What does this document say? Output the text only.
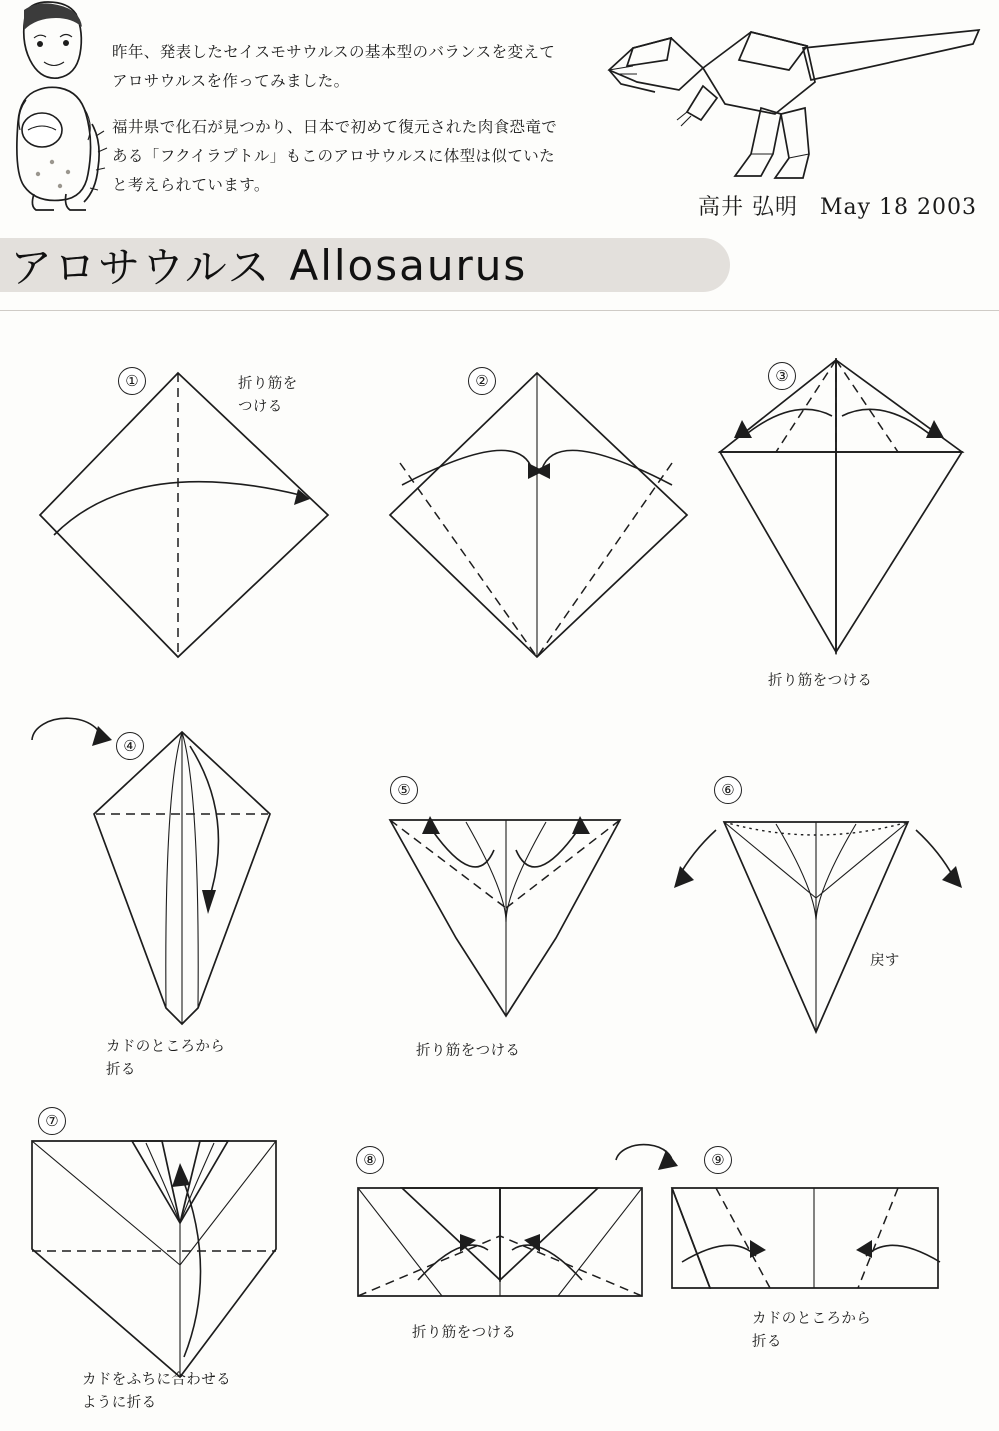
昨年、発表したセイスモサウルスの基本型のバランスを変えてアロサウルスを作ってみました。

福井県で化石が見つかり、日本で初めて復元された肉食恐竜である「フクイラプトル」もこのアロサウルスに体型は似ていたと考えられています。

高井 弘明 May 18 2003
アロサウルス Allosaurus
①	折り筋を
つける
②	③
折り筋をつける
④
カドのところから
折る
⑤
折り筋をつける
⑥
戻す
⑦
カドをふちに合わせる
ように折る
⑧
折り筋をつける
⑨
カドのところから
折る
